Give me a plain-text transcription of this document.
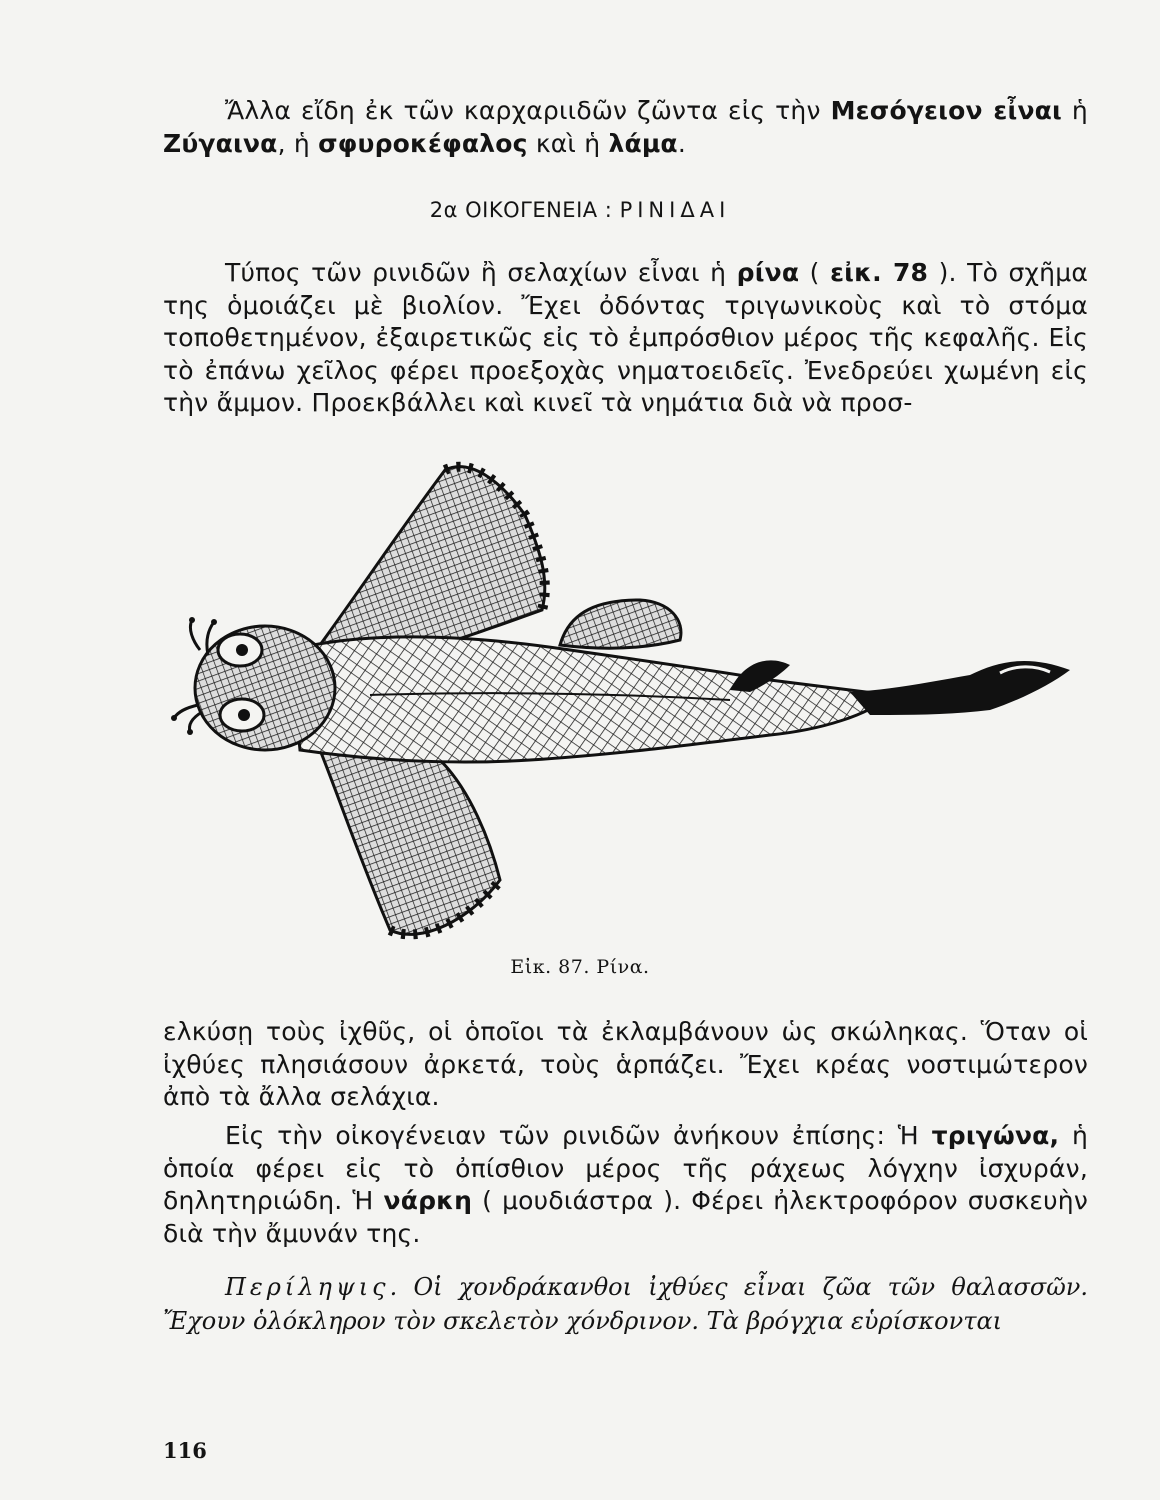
Ἄλλα εἴδη ἐκ τῶν καρχαριιδῶν ζῶντα εἰς τὴν Μεσόγειον εἶναι ἡ Ζύγαινα, ἡ σφυροκέφαλος καὶ ἡ λάμα.

2α ΟΙΚΟΓΕΝΕΙΑ : ΡΙΝΙΔΑΙ

Τύπος τῶν ρινιδῶν ἢ σελαχίων εἶναι ἡ ρίνα ( εἰκ. 78 ). Τὸ σχῆμα της ὁμοιάζει μὲ βιολίον. Ἔχει ὀδόντας τριγωνικοὺς καὶ τὸ στόμα τοποθετημένον, ἐξαιρετικῶς εἰς τὸ ἐμπρόσθιον μέρος τῆς κεφαλῆς. Εἰς τὸ ἐπάνω χεῖλος φέρει προεξοχὰς νηματοειδεῖς. Ἐνεδρεύει χωμένη εἰς τὴν ἄμμον. Προεκβάλλει καὶ κινεῖ τὰ νημάτια διὰ νὰ προσ-

Εἰκ. 87. Ρίνα.

ελκύσῃ τοὺς ἰχθῦς, οἱ ὁποῖοι τὰ ἐκλαμβάνουν ὡς σκώληκας. Ὅταν οἱ ἰχθύες πλησιάσουν ἀρκετά, τοὺς ἁρπάζει. Ἔχει κρέας νοστιμώτερον ἀπὸ τὰ ἄλλα σελάχια.

Εἰς τὴν οἰκογένειαν τῶν ρινιδῶν ἀνήκουν ἐπίσης: Ἡ τριγώνα, ἡ ὁποία φέρει εἰς τὸ ὀπίσθιον μέρος τῆς ράχεως λόγχην ἰσχυράν, δηλητηριώδη. Ἡ νάρκη ( μουδιάστρα ). Φέρει ἠλεκτροφόρον συσκευὴν διὰ τὴν ἄμυνάν της.

Περίληψις. Οἱ χονδράκανθοι ἰχθύες εἶναι ζῶα τῶν θαλασσῶν. Ἔχουν ὁλόκληρον τὸν σκελετὸν χόνδρινον. Τὰ βρόγχια εὑρίσκονται

116
